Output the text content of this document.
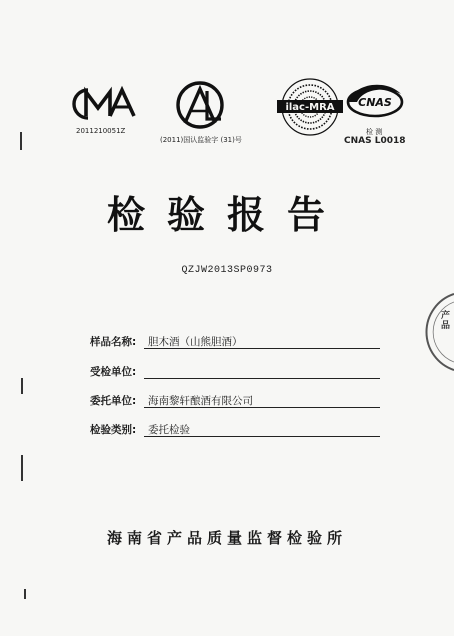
2011210051Z
(2011)国认监验字 (31)号
ilac-MRA CNAS
检 测
CNAS L0018
检验报告
QZJW2013SP0973
产品
样品名称: 胆木酒（山熊胆酒）
受检单位:
委托单位: 海南黎轩酿酒有限公司
检验类别: 委托检验
海南省产品质量监督检验所
